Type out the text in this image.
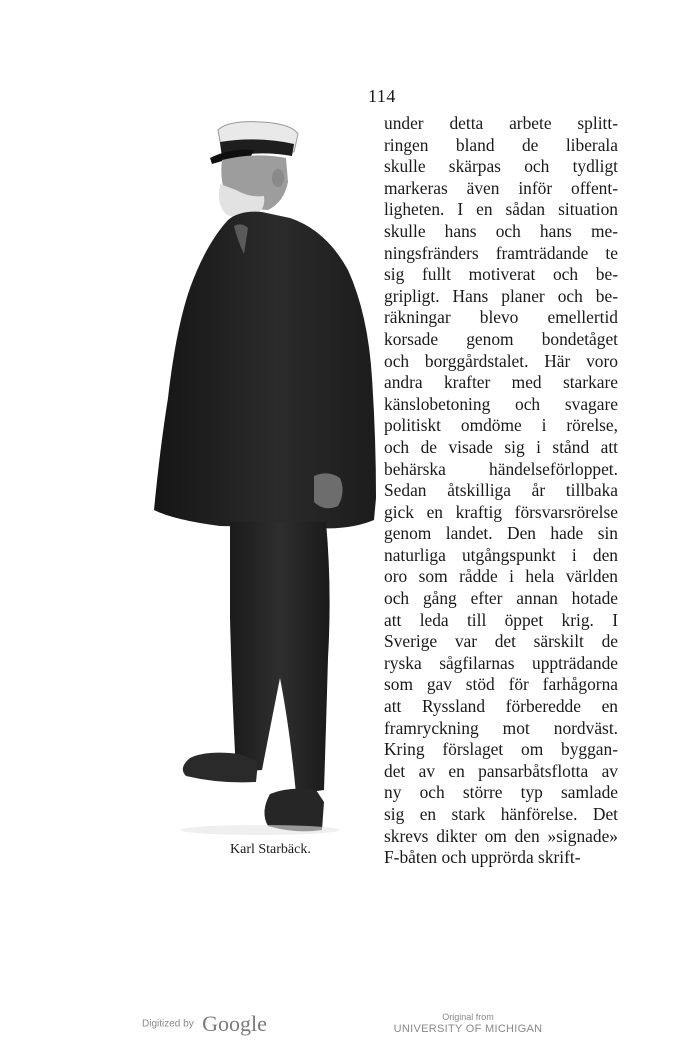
114
Karl Starbäck.
under detta arbete splitt-
ringen bland de liberala
skulle skärpas och tydligt
markeras även inför offent-
ligheten. I en sådan situation
skulle hans och hans me-
ningsfränders framträdande te
sig fullt motiverat och be-
gripligt. Hans planer och be-
räkningar blevo emellertid
korsade genom bondetåget
och borggårdstalet. Här voro
andra krafter med starkare
känslobetoning och svagare
politiskt omdöme i rörelse,
och de visade sig i stånd att
behärska händelseförloppet.
Sedan åtskilliga år tillbaka
gick en kraftig försvarsrörelse
genom landet. Den hade sin
naturliga utgångspunkt i den
oro som rådde i hela världen
och gång efter annan hotade
att leda till öppet krig. I
Sverige var det särskilt de
ryska sågfilarnas uppträdande
som gav stöd för farhågorna
att Ryssland förberedde en
framryckning mot nordväst.
Kring förslaget om byggan-
det av en pansarbåtsflotta av
ny och större typ samlade
sig en stark hänförelse. Det
skrevs dikter om den »signade»
F-båten och upprörda skrift-
Digitized by Google	Original from
UNIVERSITY OF MICHIGAN
